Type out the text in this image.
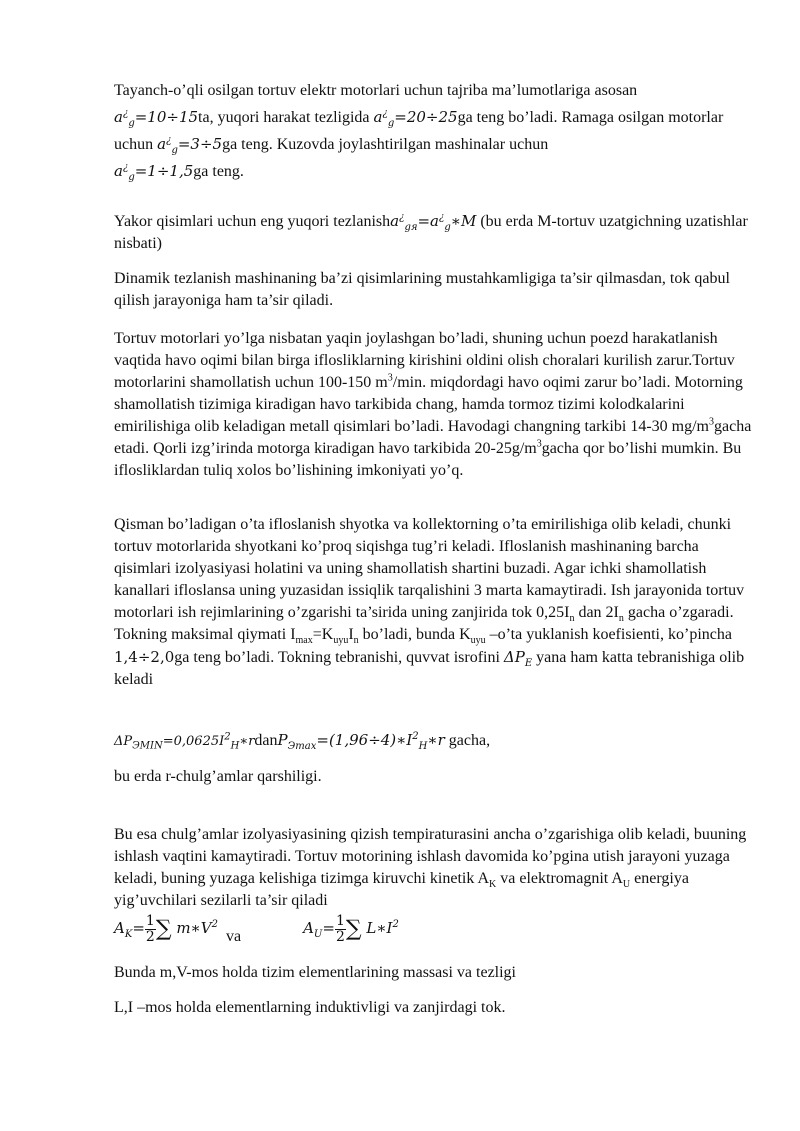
Tayanch-o’qli osilgan tortuv elektr motorlari uchun tajriba ma’lumotlariga asosan
$a^¿_g=10\div 15ta$, yuqori harakat tezligida $a^¿_g=20\div 25ga$ teng bo’ladi. Ramaga osilgan motorlar uchun $a^¿_g=3\div 5ga$ teng. Kuzovda joylashtirilgan mashinalar uchun
$a^¿_g=1\div 1,5ga$ teng.
Yakor qisimlari uchun eng yuqori $tezlanisha^¿_{gя}=a^¿_g∗M$ (bu erda M-tortuv uzatgichning uzatishlar nisbati)

Dinamik tezlanish mashinaning ba’zi qisimlarining mustahkamligiga ta’sir qilmasdan, tok qabul qilish jarayoniga ham ta’sir qiladi.

Tortuv motorlari yo’lga nisbatan yaqin joylashgan bo’ladi, shuning uchun poezd harakatlanish vaqtida havo oqimi bilan birga iflosliklarning kirishini oldini olish choralari kurilish zarur.Tortuv motorlarini shamollatish uchun 100-150 $m^3/\min$. miqdordagi havo oqimi zarur bo’ladi. Motorning shamollatish tizimiga kiradigan havo tarkibida chang, hamda tormoz tizimi kolodkalarini emirilishiga olib keladigan metall qisimlari bo’ladi. Havodagi changning tarkibi 14-30 $mg/m^3gacha$ etadi. Qorli izg’irinda motorga kiradigan havo tarkibida $20-25g/m^3gacha$ qor bo’lishi mumkin. Bu iflosliklardan tuliq xolos bo’lishining imkoniyati yo’q.

Qisman bo’ladigan o’ta ifloslanish shyotka va kollektorning o’ta emirilishiga olib keladi, chunki tortuv motorlarida shyotkani ko’proq siqishga tug’ri keladi. Ifloslanish mashinaning barcha qisimlari izolyasiyasi holatini va uning shamollatish shartini buzadi. Agar ichki shamollatish kanallari ifloslansa uning yuzasidan issiqlik tarqalishini 3 marta kamaytiradi. Ish jarayonida tortuv motorlari ish rejimlarining o’zgarishi ta’sirida uning zanjirida tok $0,25I_n$ dan $2I_n$ gacha o’zgaradi. Tokning maksimal qiymati $I_{max}=K_{uyu}I_n$ bo’ladi, bunda $K_{uyu}$ –o’ta yuklanish koefisienti, ko’pincha 1,4÷2,0ga teng bo’ladi. Tokning tebranishi, quvvat isrofini $\Delta P_E$ yana ham katta tebranishiga olib keladi

$\Delta P_{ЭMIN}=0,0625I^2_H∗rdanP_{Эmax}=(1,96\div 4)∗I^2_H∗r$ gacha,

bu erda r-chulg’amlar qarshiligi.

Bu esa chulg’amlar izolyasiyasining qizish tempiraturasini ancha o’zgarishiga olib keladi, buuning ishlash vaqtini kamaytiradi. Tortuv motorining ishlash davomida ko’pgina utish jarayoni yuzaga keladi, buning yuzaga kelishiga tizimga kiruvchi kinetik $A_K$ va elektromagnit $A_U$ energiya yig’uvchilari sezilarli ta’sir qiladi

$A_K= \frac{1}{2}$ ∑ $m∗V^2$ va	$A_U= \frac{1}{2}$ ∑ $L∗I^2$

Bunda m,V-mos holda tizim elementlarining massasi va tezligi

L,I –mos holda elementlarning induktivligi va zanjirdagi tok.
